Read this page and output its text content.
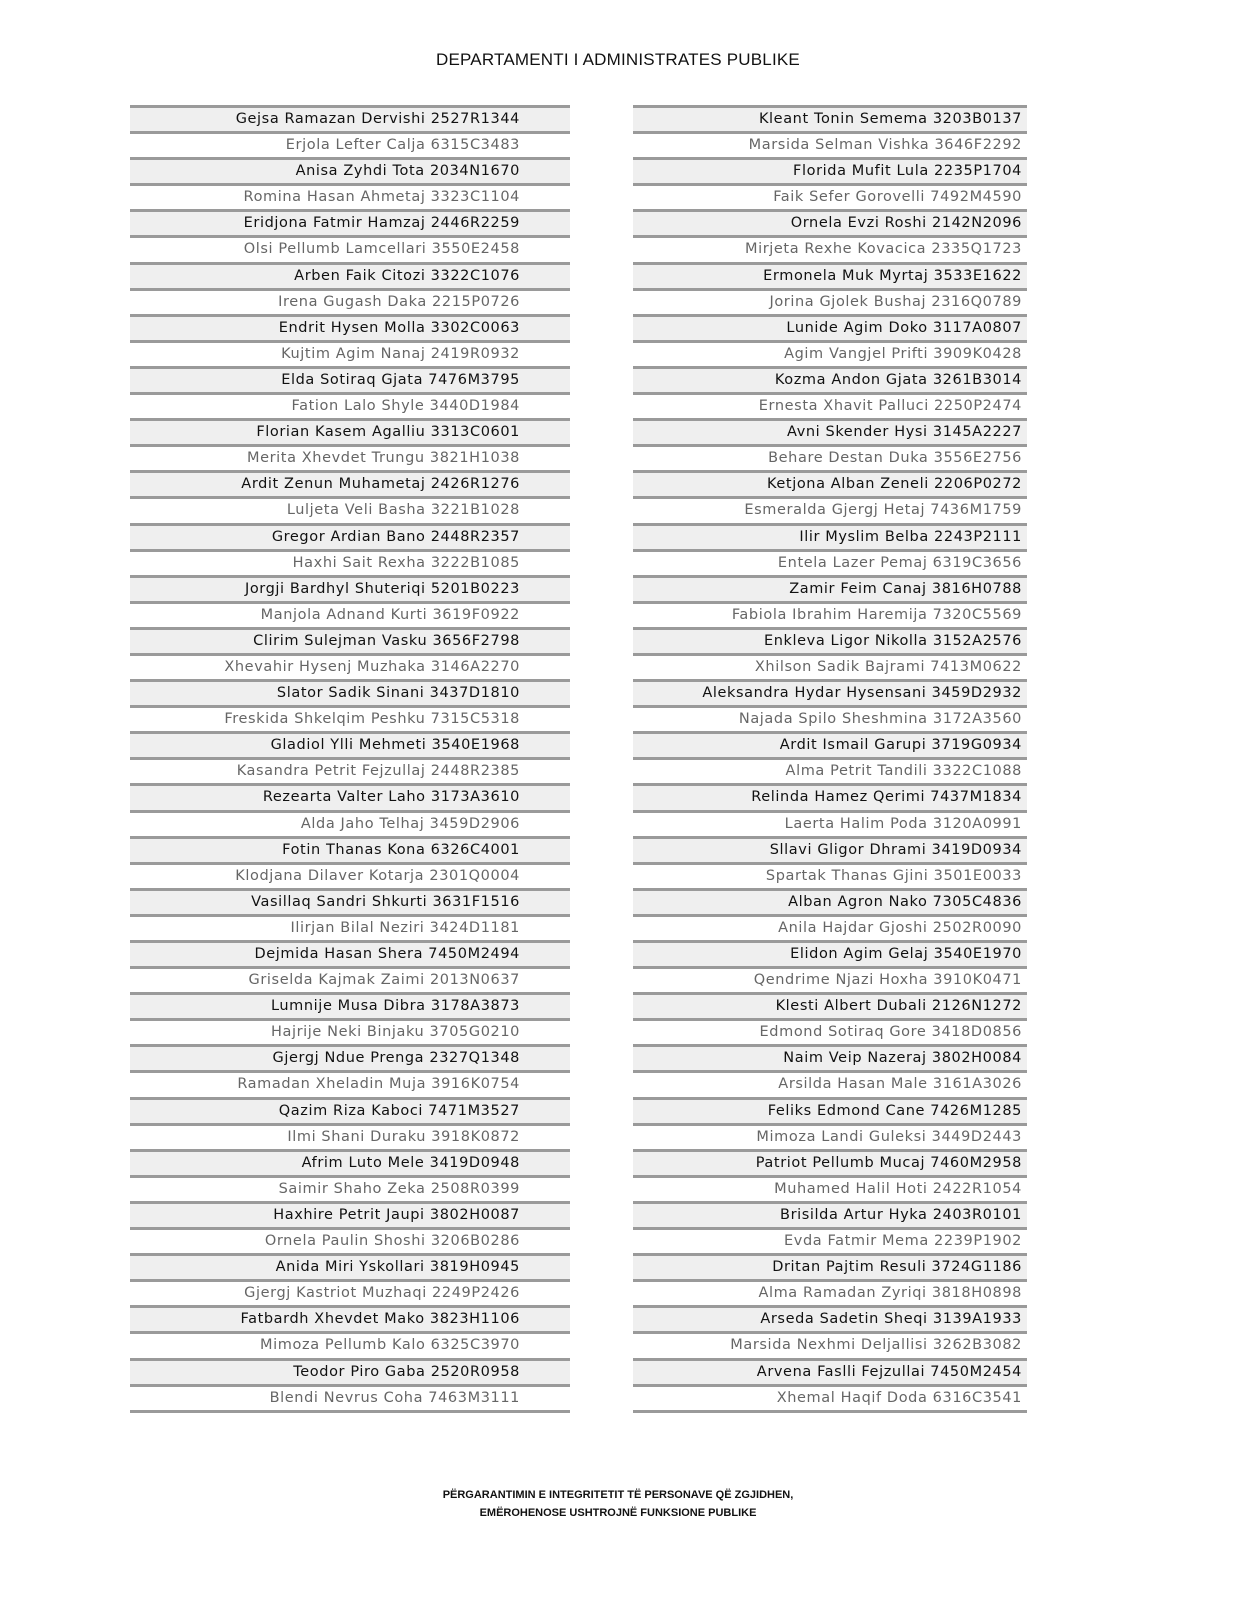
DEPARTAMENTI I ADMINISTRATES PUBLIKE
Gejsa Ramazan Dervishi 2527R1344
Erjola Lefter Calja 6315C3483
Anisa Zyhdi Tota 2034N1670
Romina Hasan Ahmetaj 3323C1104
Eridjona Fatmir Hamzaj 2446R2259
Olsi Pellumb Lamcellari 3550E2458
Arben Faik Citozi 3322C1076
Irena Gugash Daka 2215P0726
Endrit Hysen Molla 3302C0063
Kujtim Agim Nanaj 2419R0932
Elda Sotiraq Gjata 7476M3795
Fation Lalo Shyle 3440D1984
Florian Kasem Agalliu 3313C0601
Merita Xhevdet Trungu 3821H1038
Ardit Zenun Muhametaj 2426R1276
Luljeta Veli Basha 3221B1028
Gregor Ardian Bano 2448R2357
Haxhi Sait Rexha 3222B1085
Jorgji Bardhyl Shuteriqi 5201B0223
Manjola Adnand Kurti 3619F0922
Clirim Sulejman Vasku 3656F2798
Xhevahir Hysenj Muzhaka 3146A2270
Slator Sadik Sinani 3437D1810
Freskida Shkelqim Peshku 7315C5318
Gladiol Ylli Mehmeti 3540E1968
Kasandra Petrit Fejzullaj 2448R2385
Rezearta Valter Laho 3173A3610
Alda Jaho Telhaj 3459D2906
Fotin Thanas Kona 6326C4001
Klodjana Dilaver Kotarja 2301Q0004
Vasillaq Sandri Shkurti 3631F1516
Ilirjan Bilal Neziri 3424D1181
Dejmida Hasan Shera 7450M2494
Griselda Kajmak Zaimi 2013N0637
Lumnije Musa Dibra 3178A3873
Hajrije Neki Binjaku 3705G0210
Gjergj Ndue Prenga 2327Q1348
Ramadan Xheladin Muja 3916K0754
Qazim Riza Kaboci 7471M3527
Ilmi Shani Duraku 3918K0872
Afrim Luto Mele 3419D0948
Saimir Shaho Zeka 2508R0399
Haxhire Petrit Jaupi 3802H0087
Ornela Paulin Shoshi 3206B0286
Anida Miri Yskollari 3819H0945
Gjergj Kastriot Muzhaqi 2249P2426
Fatbardh Xhevdet Mako 3823H1106
Mimoza Pellumb Kalo 6325C3970
Teodor Piro Gaba 2520R0958
Blendi Nevrus Coha 7463M3111
Kleant Tonin Semema 3203B0137
Marsida Selman Vishka 3646F2292
Florida Mufit Lula 2235P1704
Faik Sefer Gorovelli 7492M4590
Ornela Evzi Roshi 2142N2096
Mirjeta Rexhe Kovacica 2335Q1723
Ermonela Muk Myrtaj 3533E1622
Jorina Gjolek Bushaj 2316Q0789
Lunide Agim Doko 3117A0807
Agim Vangjel Prifti 3909K0428
Kozma Andon Gjata 3261B3014
Ernesta Xhavit Palluci 2250P2474
Avni Skender Hysi 3145A2227
Behare Destan Duka 3556E2756
Ketjona Alban Zeneli 2206P0272
Esmeralda Gjergj Hetaj 7436M1759
Ilir Myslim Belba 2243P2111
Entela Lazer Pemaj 6319C3656
Zamir Feim Canaj 3816H0788
Fabiola Ibrahim Haremija 7320C5569
Enkleva Ligor Nikolla 3152A2576
Xhilson Sadik Bajrami 7413M0622
Aleksandra Hydar Hysensani 3459D2932
Najada Spilo Sheshmina 3172A3560
Ardit Ismail Garupi 3719G0934
Alma Petrit Tandili 3322C1088
Relinda Hamez Qerimi 7437M1834
Laerta Halim Poda 3120A0991
Sllavi Gligor Dhrami 3419D0934
Spartak Thanas Gjini 3501E0033
Alban Agron Nako 7305C4836
Anila Hajdar Gjoshi 2502R0090
Elidon Agim Gelaj 3540E1970
Qendrime Njazi Hoxha 3910K0471
Klesti Albert Dubali 2126N1272
Edmond Sotiraq Gore 3418D0856
Naim Veip Nazeraj 3802H0084
Arsilda Hasan Male 3161A3026
Feliks Edmond Cane 7426M1285
Mimoza Landi Guleksi 3449D2443
Patriot Pellumb Mucaj 7460M2958
Muhamed Halil Hoti 2422R1054
Brisilda Artur Hyka 2403R0101
Evda Fatmir Mema 2239P1902
Dritan Pajtim Resuli 3724G1186
Alma Ramadan Zyriqi 3818H0898
Arseda Sadetin Sheqi 3139A1933
Marsida Nexhmi Deljallisi 3262B3082
Arvena Faslli Fejzullai 7450M2454
Xhemal Haqif Doda 6316C3541
PËRGARANTIMIN E INTEGRITETIT TË PERSONAVE QË ZGJIDHEN,
EMËROHENOSE USHTROJNË FUNKSIONE PUBLIKE
